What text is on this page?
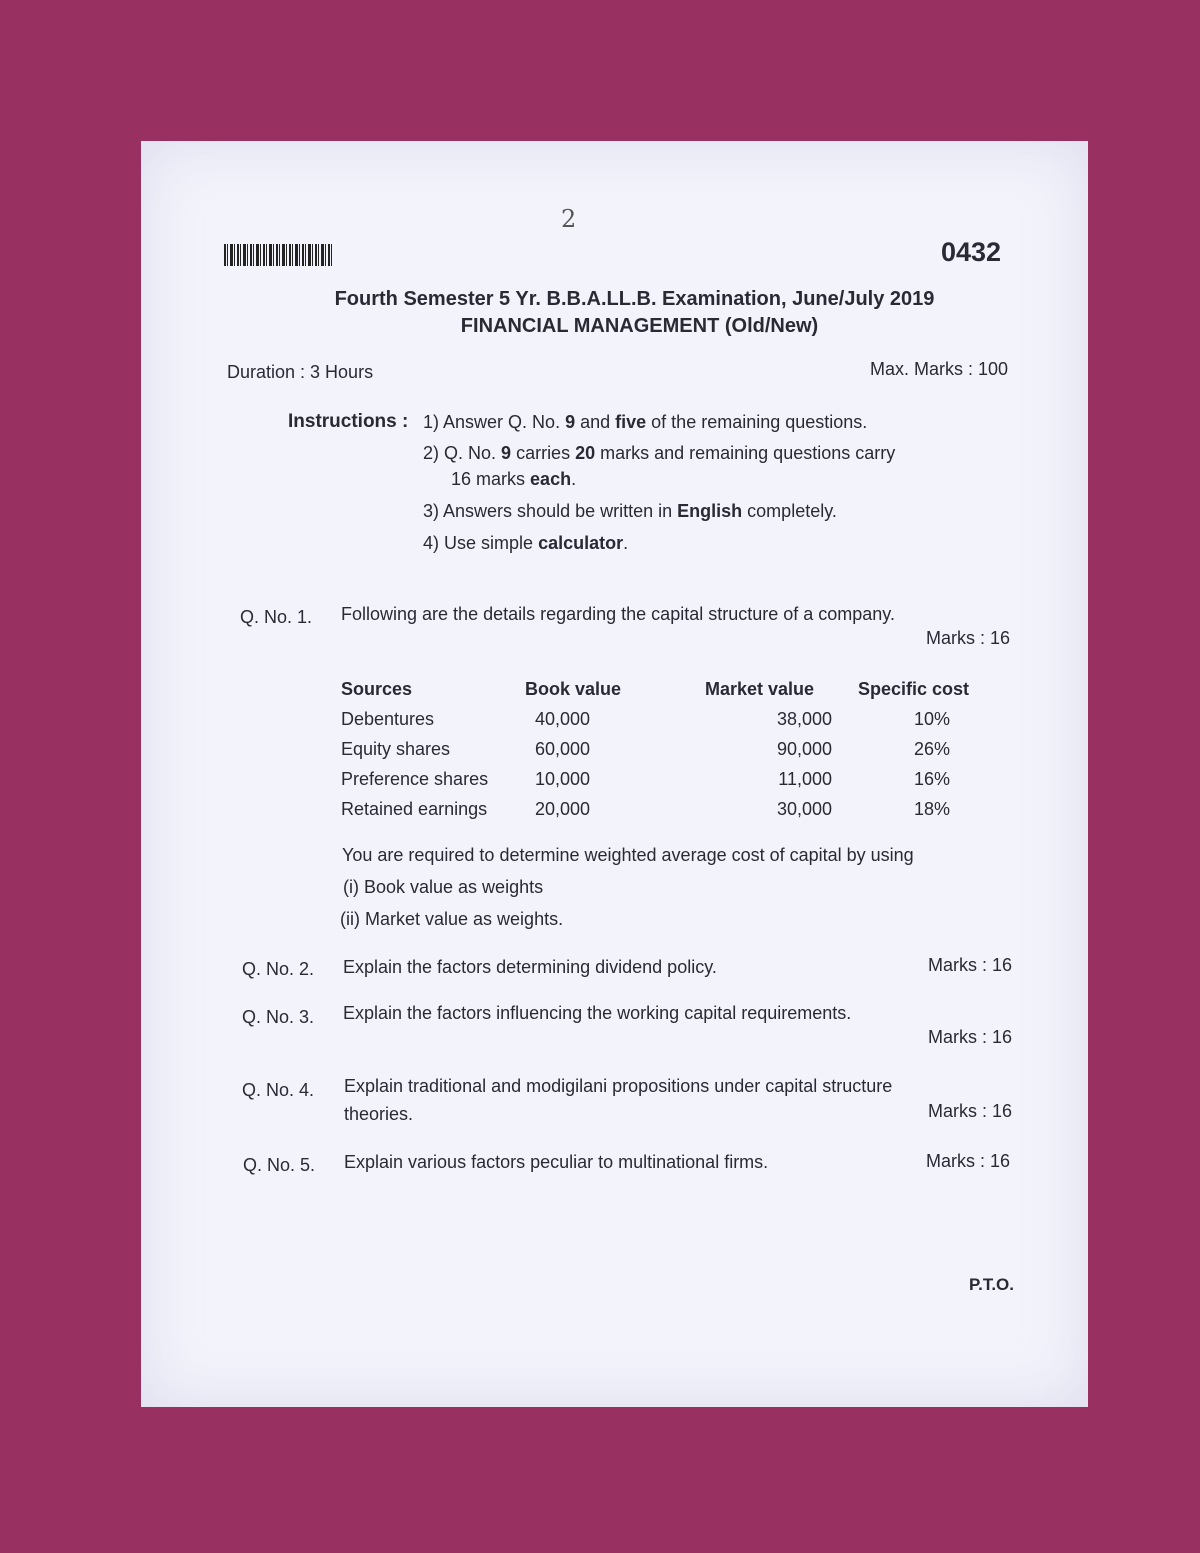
2
0432
Fourth Semester 5 Yr. B.B.A.LL.B. Examination, June/July 2019
FINANCIAL MANAGEMENT (Old/New)
Duration : 3 Hours	Max. Marks : 100
Instructions : 1) Answer Q. No. 9 and five of the remaining questions.
2) Q. No. 9 carries 20 marks and remaining questions carry
16 marks each.
3) Answers should be written in English completely.
4) Use simple calculator.
Q. No. 1. Following are the details regarding the capital structure of a company.
Marks : 16
Sources	Book value	Market value	Specific cost
Debentures	40,000	38,000	10%
Equity shares	60,000	90,000	26%
Preference shares	10,000	11,000	16%
Retained earnings	20,000	30,000	18%
You are required to determine weighted average cost of capital by using
(i) Book value as weights
(ii) Market value as weights.
Q. No. 2. Explain the factors determining dividend policy.	Marks : 16
Q. No. 3. Explain the factors influencing the working capital requirements.
Marks : 16
Q. No. 4. Explain traditional and modigilani propositions under capital structure
theories.	Marks : 16
Q. No. 5. Explain various factors peculiar to multinational firms.	Marks : 16
P.T.O.
